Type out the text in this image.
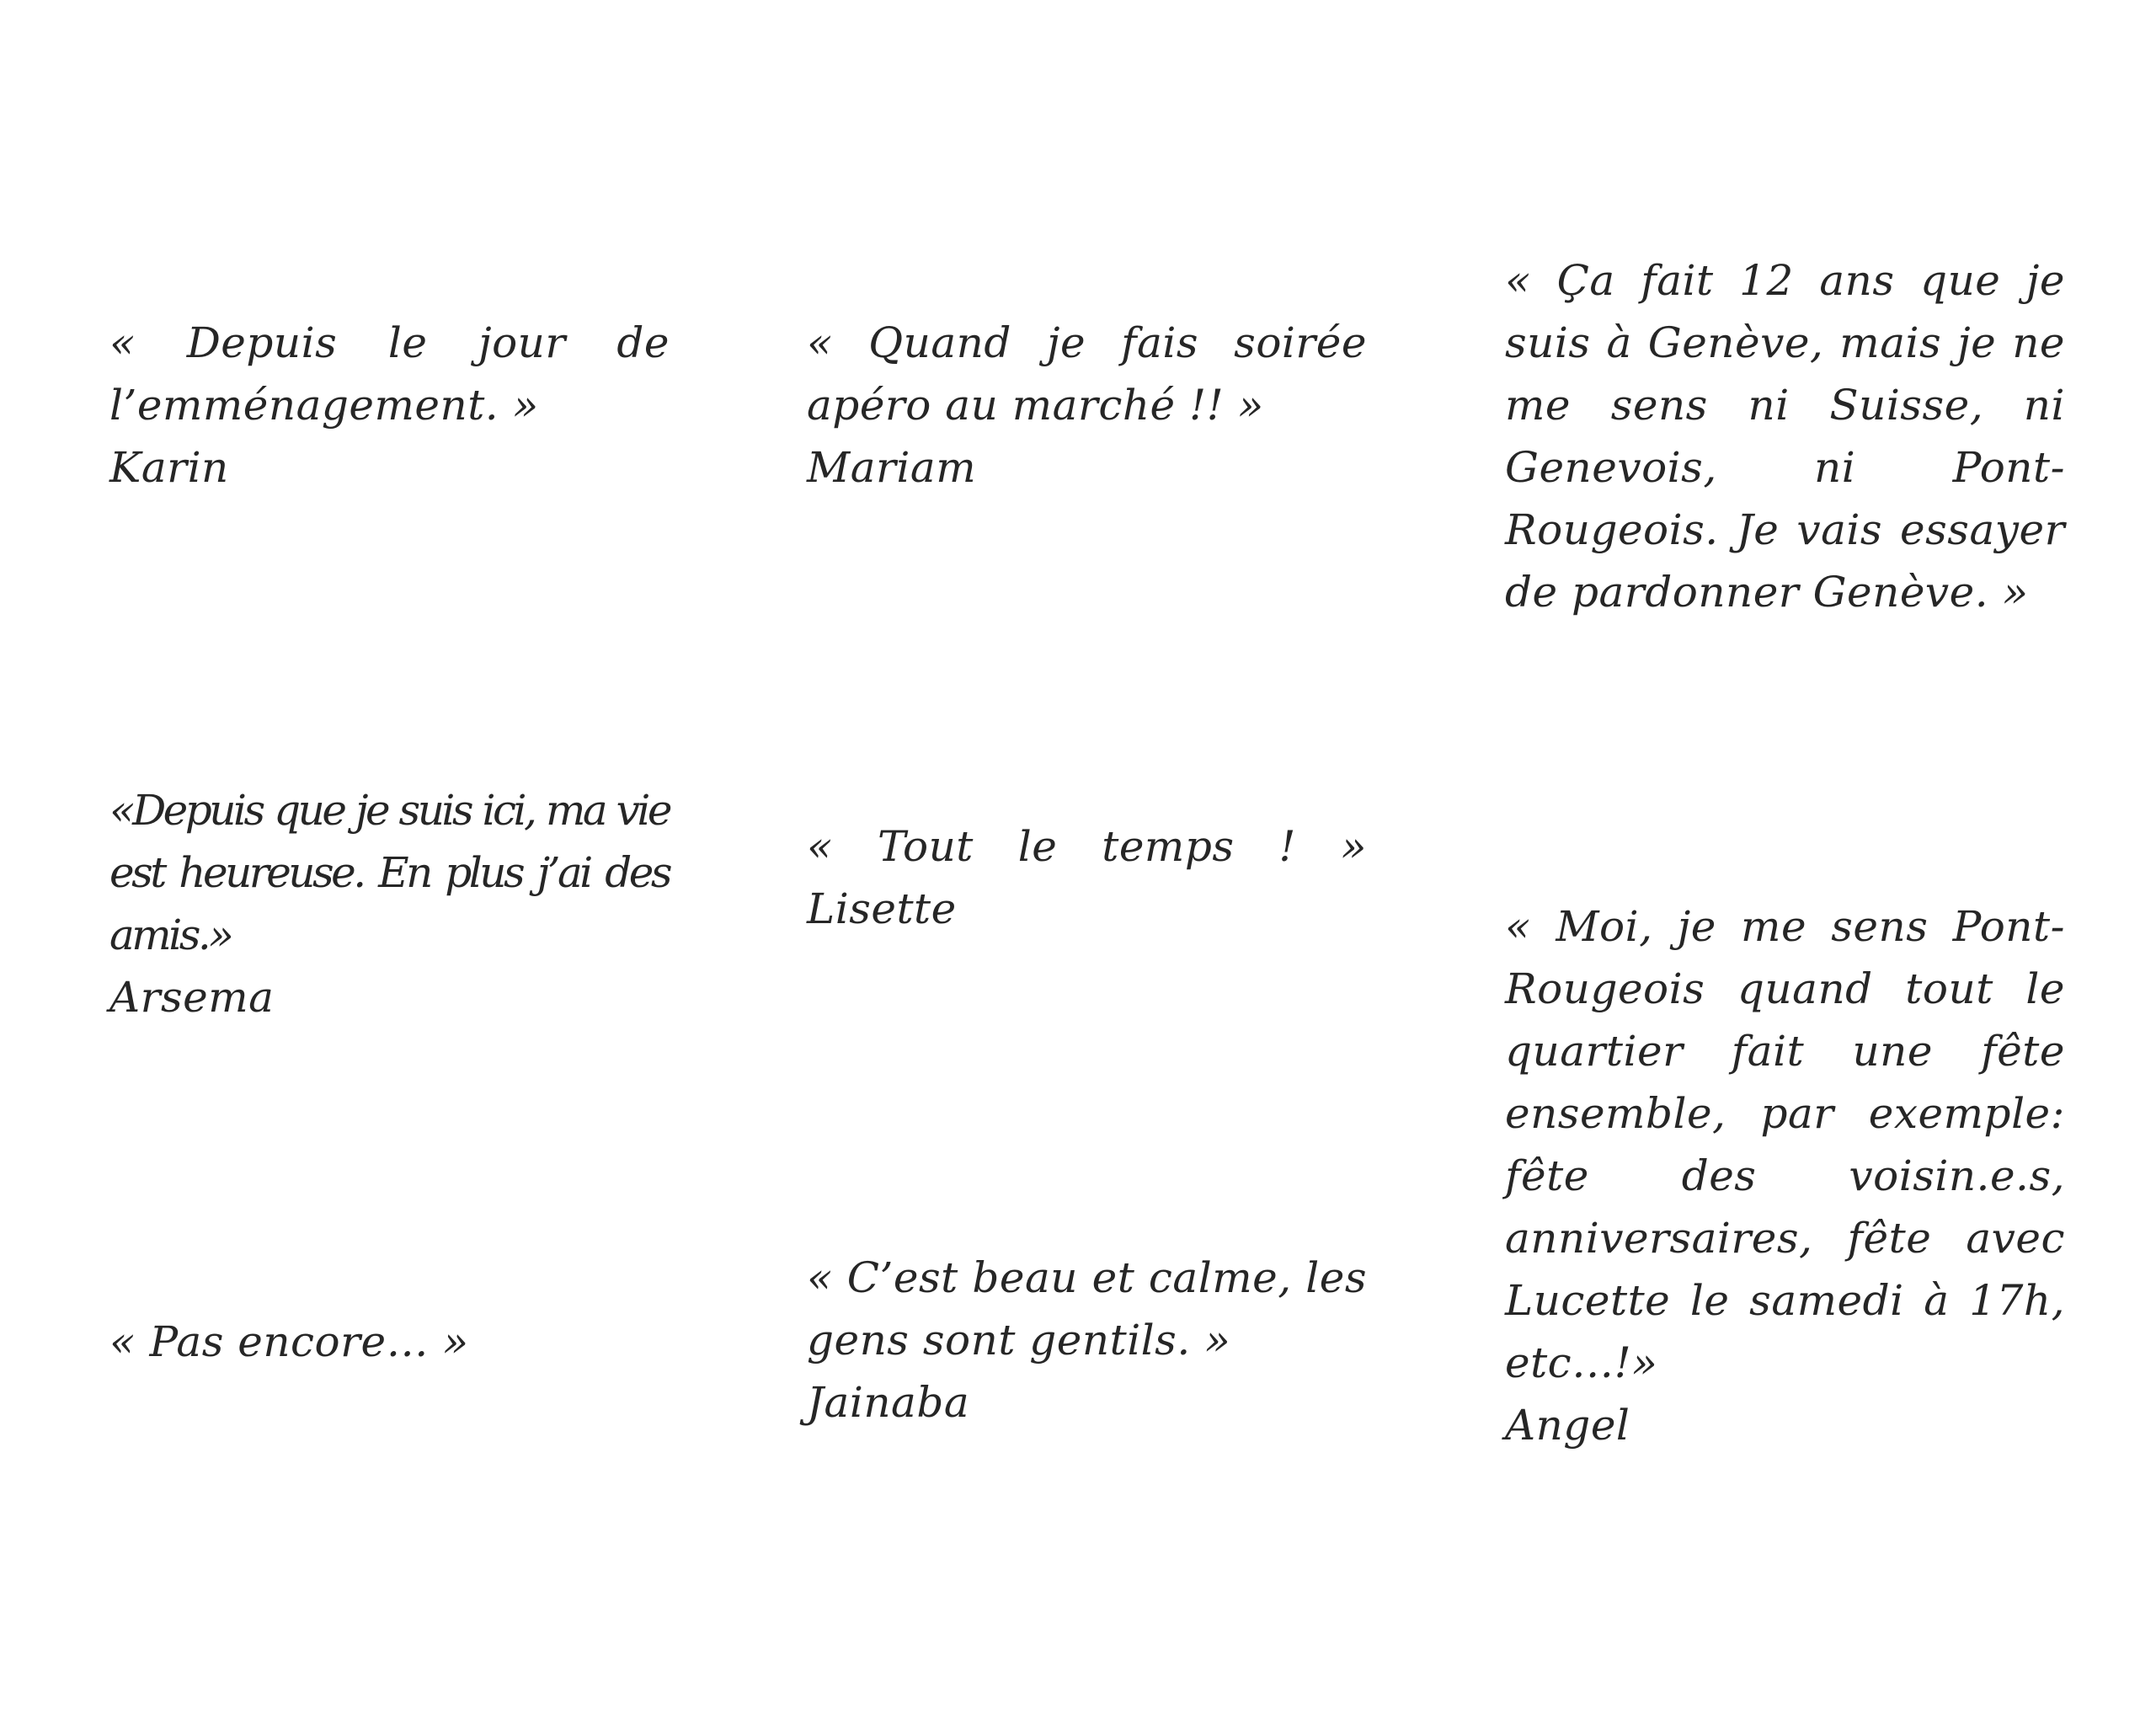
« Depuis le jour de l’emménagement. »
Karin
« Quand je fais soirée apéro au marché !! »
Mariam
« Ça fait 12 ans que je suis à Genève, mais je ne me sens ni Suisse, ni Genevois, ni Pont-Rougeois. Je vais essayer de pardonner Genève. »
«Depuis que je suis ici, ma vie est heureuse. En plus j’ai des amis.»
Arsema
« Tout le temps ! »
Lisette	« Moi, je me sens Pont-Rougeois quand tout le quartier fait une fête ensemble, par exemple: fête des voisin.e.s, anniversaires, fête avec Lucette le samedi à 17h, etc…!»
Angel
« Pas encore… »
« C’est beau et calme, les gens sont gentils. »
Jainaba
